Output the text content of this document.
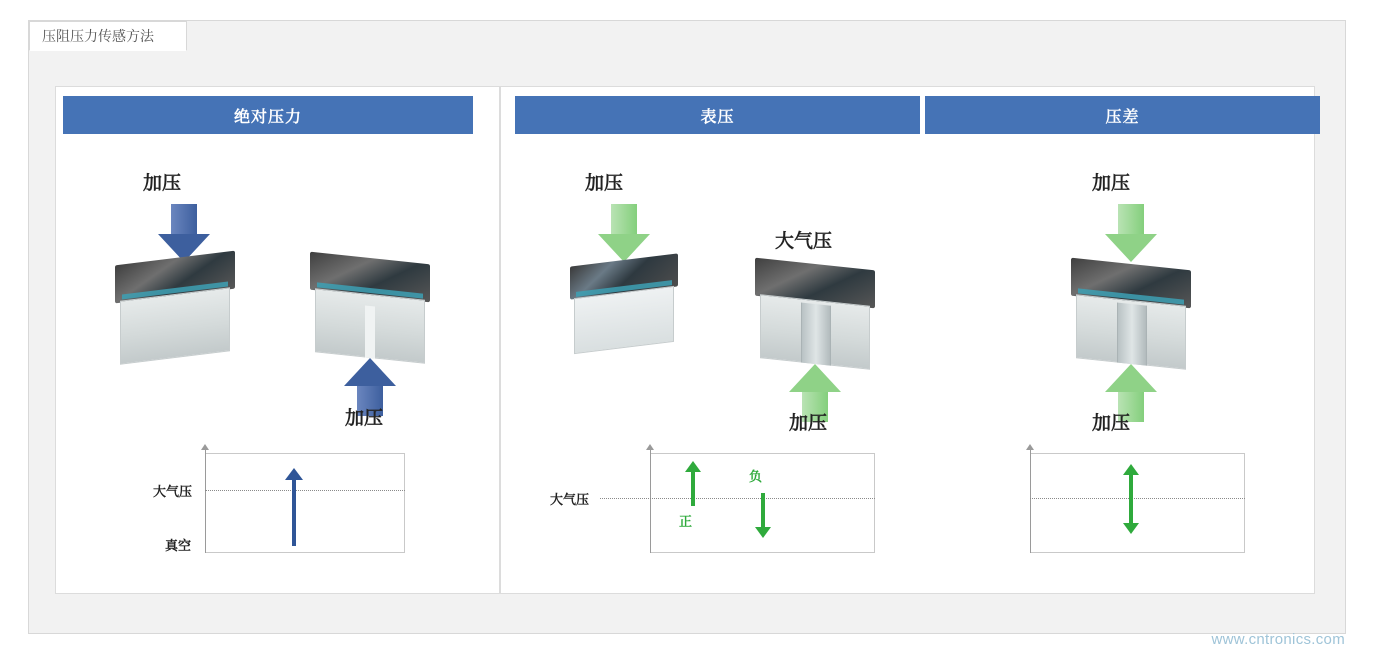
压阻压力传感方法
绝对压力	表压	压差
加压
加压
大气压
真空
加压
大气压
加压
大气压
正
负
加压
加压
www.cntronics.com
